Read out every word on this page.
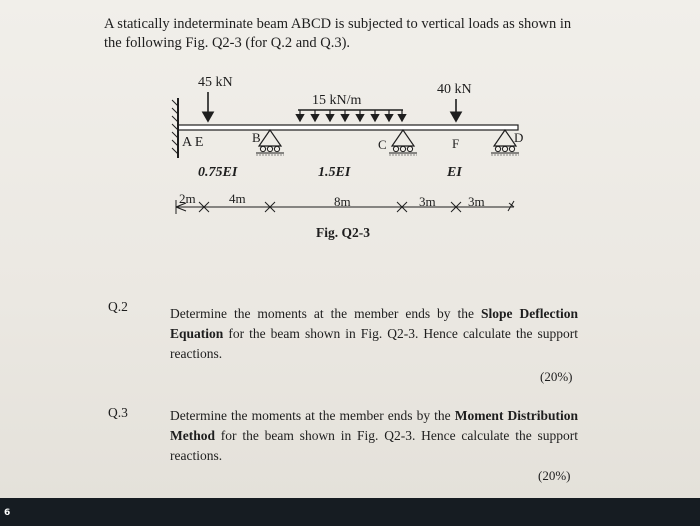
A statically indeterminate beam ABCD is subjected to vertical loads as shown in
the following Fig. Q2-3 (for Q.2 and Q.3).
45 kN
15 kN/m
40 kN
A E	B	C	F	D
0.75EI	1.5EI	EI
2m	4m	8m	3m 3m
Fig. Q2-3
Q.2	Determine the moments at the member ends by the Slope Deflection Equation for the beam shown in Fig. Q2-3. Hence calculate the support reactions.
(20%)
Q.3	Determine the moments at the member ends by the Moment Distribution Method for the beam shown in Fig. Q2-3. Hence calculate the support reactions.
(20%)
6
